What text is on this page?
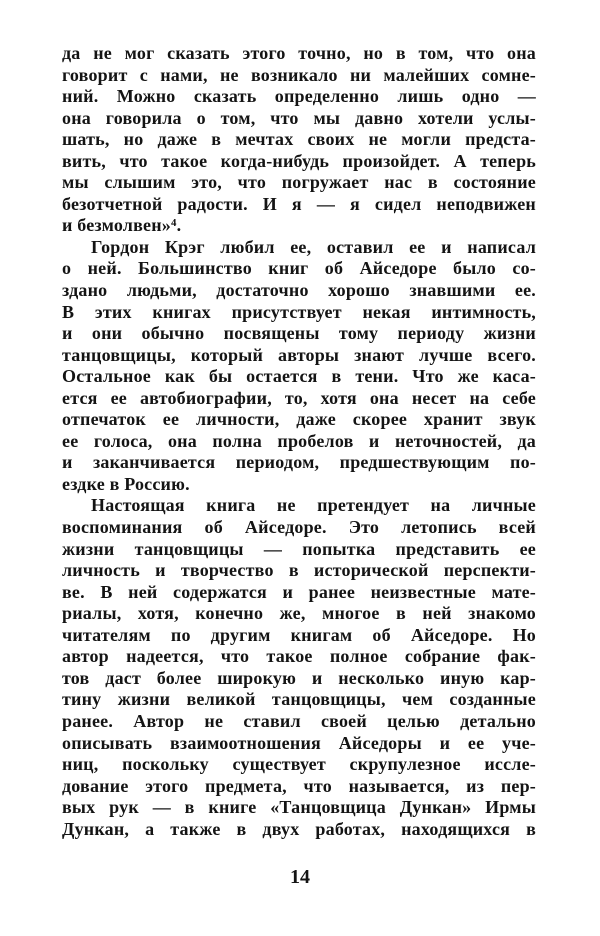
да не мог сказать этого точно, но в том, что она
говорит с нами, не возникало ни малейших сомне-
ний. Можно сказать определенно лишь одно —
она говорила о том, что мы давно хотели услы-
шать, но даже в мечтах своих не могли предста-
вить, что такое когда-нибудь произойдет. А теперь
мы слышим это, что погружает нас в состояние
безотчетной радости. И я — я сидел неподвижен
и безмолвен»⁴.
Гордон Крэг любил ее, оставил ее и написал
о ней. Большинство книг об Айседоре было со-
здано людьми, достаточно хорошо знавшими ее.
В этих книгах присутствует некая интимность,
и они обычно посвящены тому периоду жизни
танцовщицы, который авторы знают лучше всего.
Остальное как бы остается в тени. Что же каса-
ется ее автобиографии, то, хотя она несет на себе
отпечаток ее личности, даже скорее хранит звук
ее голоса, она полна пробелов и неточностей, да
и заканчивается периодом, предшествующим по-
ездке в Россию.
Настоящая книга не претендует на личные
воспоминания об Айседоре. Это летопись всей
жизни танцовщицы — попытка представить ее
личность и творчество в исторической перспекти-
ве. В ней содержатся и ранее неизвестные мате-
риалы, хотя, конечно же, многое в ней знакомо
читателям по другим книгам об Айседоре. Но
автор надеется, что такое полное собрание фак-
тов даст более широкую и несколько иную кар-
тину жизни великой танцовщицы, чем созданные
ранее. Автор не ставил своей целью детально
описывать взаимоотношения Айседоры и ее уче-
ниц, поскольку существует скрупулезное иссле-
дование этого предмета, что называется, из пер-
вых рук — в книге «Танцовщица Дункан» Ирмы
Дункан, а также в двух работах, находящихся в
14
